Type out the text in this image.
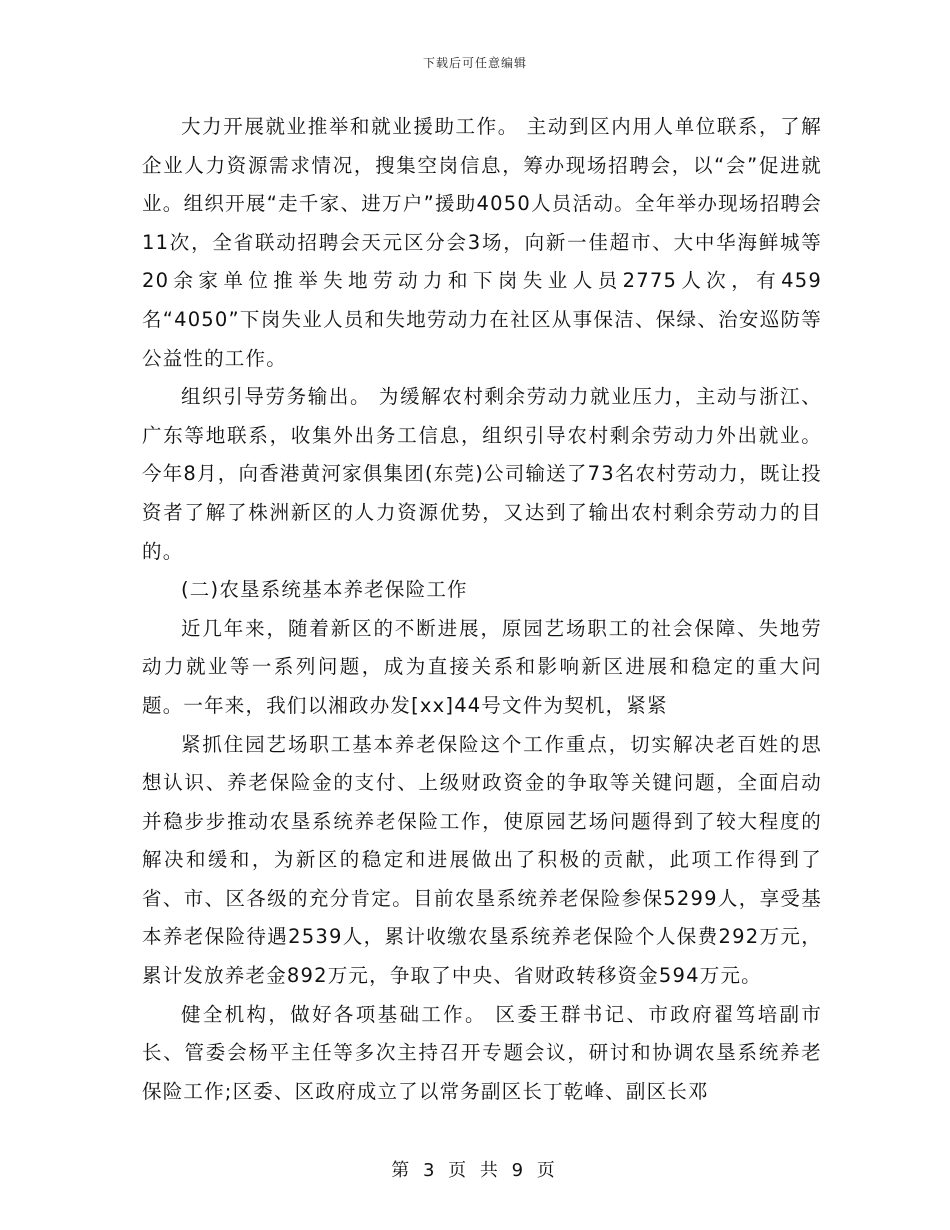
下载后可任意编辑

大力开展就业推举和就业援助工作。 主动到区内用人单位联系，了解企业人力资源需求情况，搜集空岗信息，筹办现场招聘会，以“会”促进就业。组织开展“走千家、进万户”援助4050人员活动。全年举办现场招聘会11次，全省联动招聘会天元区分会3场，向新一佳超市、大中华海鲜城等20余家单位推举失地劳动力和下岗失业人员2775人次，有459名“4050”下岗失业人员和失地劳动力在社区从事保洁、保绿、治安巡防等公益性的工作。

组织引导劳务输出。 为缓解农村剩余劳动力就业压力，主动与浙江、广东等地联系，收集外出务工信息，组织引导农村剩余劳动力外出就业。今年8月，向香港黄河家俱集团(东莞)公司输送了73名农村劳动力，既让投资者了解了株洲新区的人力资源优势，又达到了输出农村剩余劳动力的目的。

(二)农垦系统基本养老保险工作

近几年来，随着新区的不断进展，原园艺场职工的社会保障、失地劳动力就业等一系列问题，成为直接关系和影响新区进展和稳定的重大问题。一年来，我们以湘政办发[xx]44号文件为契机，紧紧

紧抓住园艺场职工基本养老保险这个工作重点，切实解决老百姓的思想认识、养老保险金的支付、上级财政资金的争取等关键问题，全面启动并稳步步推动农垦系统养老保险工作，使原园艺场问题得到了较大程度的解决和缓和，为新区的稳定和进展做出了积极的贡献，此项工作得到了省、市、区各级的充分肯定。目前农垦系统养老保险参保5299人，享受基本养老保险待遇2539人，累计收缴农垦系统养老保险个人保费292万元，累计发放养老金892万元，争取了中央、省财政转移资金594万元。

健全机构，做好各项基础工作。 区委王群书记、市政府翟笃培副市长、管委会杨平主任等多次主持召开专题会议，研讨和协调农垦系统养老保险工作;区委、区政府成立了以常务副区长丁乾峰、副区长邓

第 3 页 共 9 页
